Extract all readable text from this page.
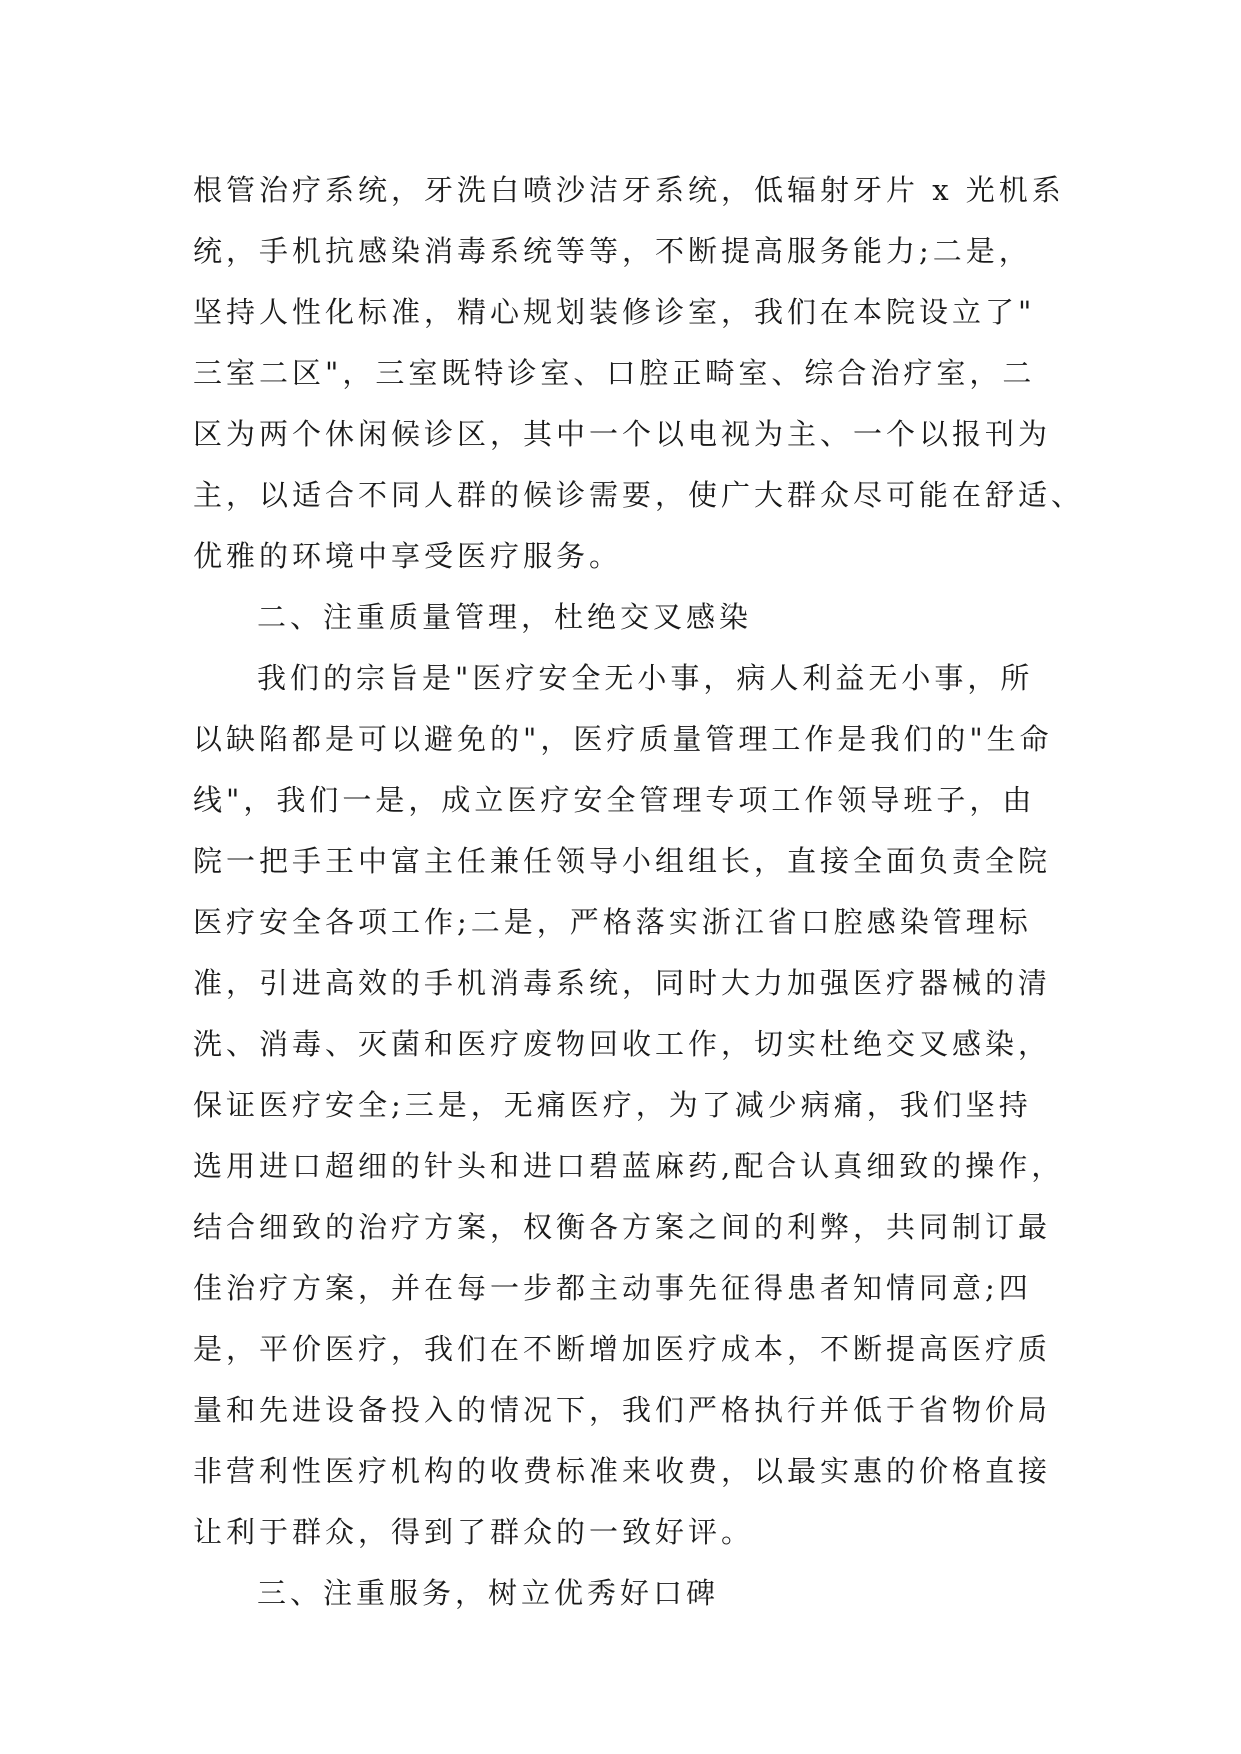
根管治疗系统，牙洗白喷沙洁牙系统，低辐射牙片 x 光机系
统，手机抗感染消毒系统等等，不断提高服务能力;二是，
坚持人性化标准，精心规划装修诊室，我们在本院设立了"
三室二区"，三室既特诊室、口腔正畸室、综合治疗室，二
区为两个休闲候诊区，其中一个以电视为主、一个以报刊为
主，以适合不同人群的候诊需要，使广大群众尽可能在舒适、
优雅的环境中享受医疗服务。
二、注重质量管理，杜绝交叉感染
我们的宗旨是"医疗安全无小事，病人利益无小事，所
以缺陷都是可以避免的"，医疗质量管理工作是我们的"生命
线"，我们一是，成立医疗安全管理专项工作领导班子，由
院一把手王中富主任兼任领导小组组长，直接全面负责全院
医疗安全各项工作;二是，严格落实浙江省口腔感染管理标
准，引进高效的手机消毒系统，同时大力加强医疗器械的清
洗、消毒、灭菌和医疗废物回收工作，切实杜绝交叉感染，
保证医疗安全;三是，无痛医疗，为了减少病痛，我们坚持
选用进口超细的针头和进口碧蓝麻药,配合认真细致的操作，
结合细致的治疗方案，权衡各方案之间的利弊，共同制订最
佳治疗方案，并在每一步都主动事先征得患者知情同意;四
是，平价医疗，我们在不断增加医疗成本，不断提高医疗质
量和先进设备投入的情况下，我们严格执行并低于省物价局
非营利性医疗机构的收费标准来收费，以最实惠的价格直接
让利于群众，得到了群众的一致好评。
三、注重服务，树立优秀好口碑
